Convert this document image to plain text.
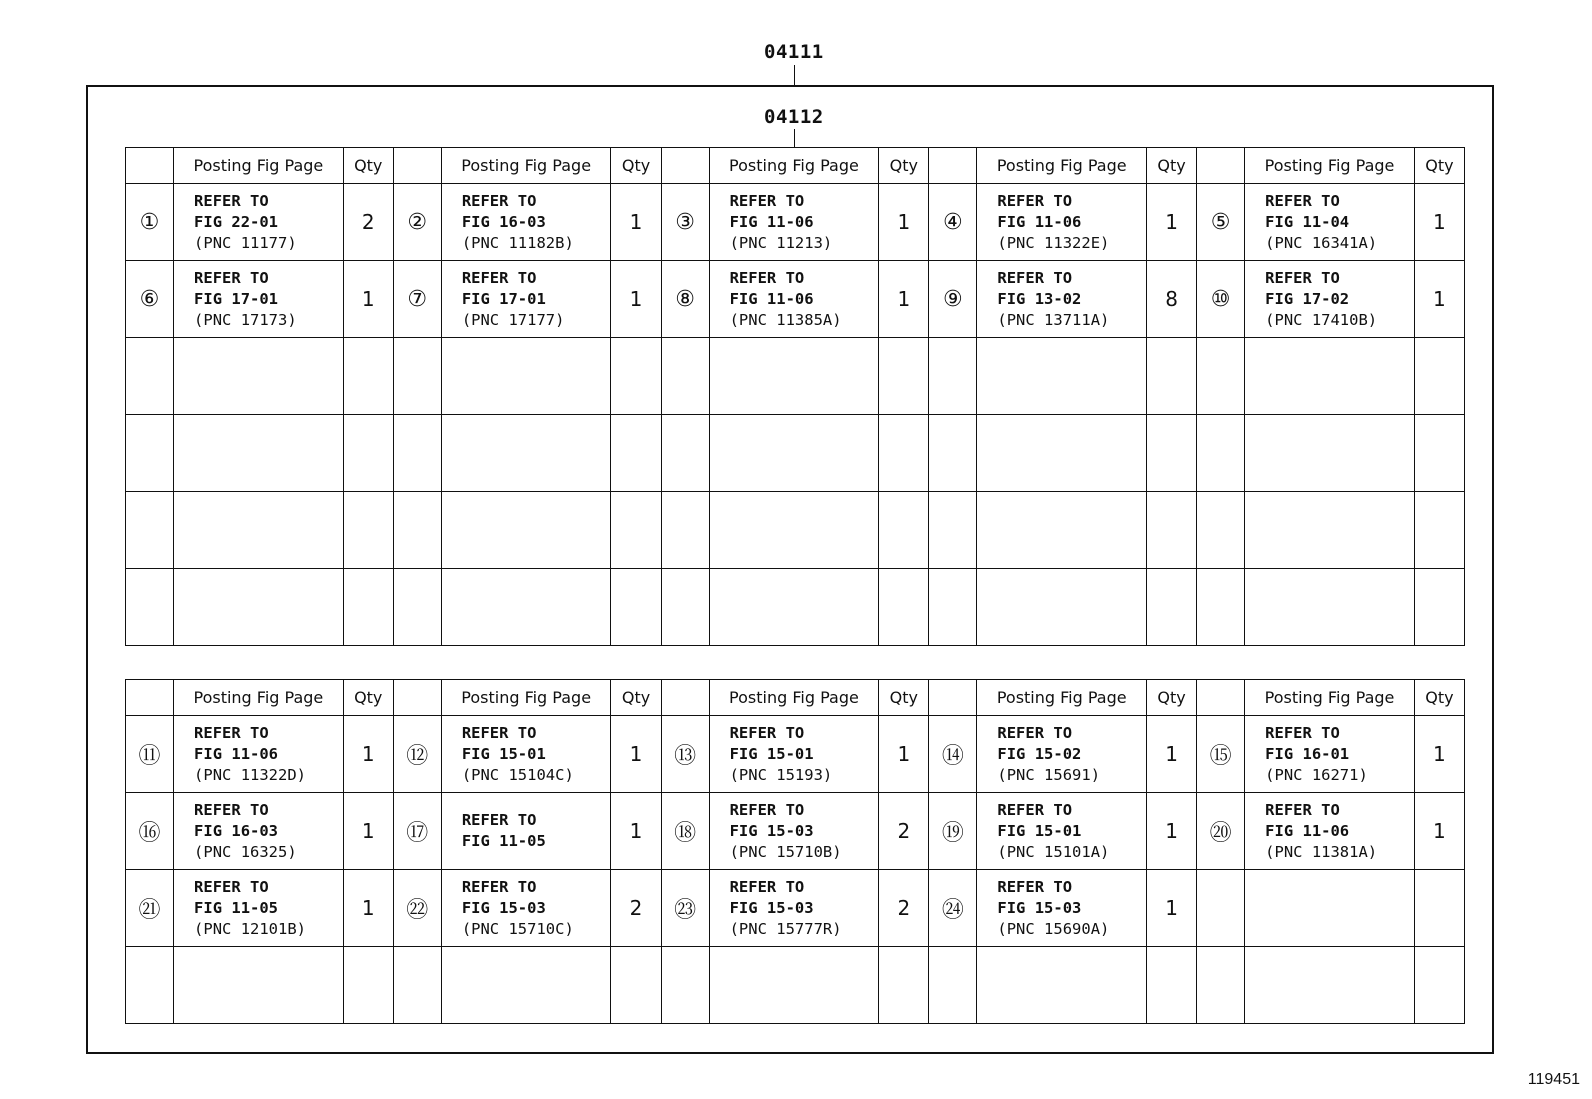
04111
04112
	Posting Fig Page	Qty		Posting Fig Page	Qty		Posting Fig Page	Qty		Posting Fig Page	Qty		Posting Fig Page	Qty
①	REFER TO
FIG 22-01
(PNC 11177)	2	②	REFER TO
FIG 16-03
(PNC 11182B)	1	③	REFER TO
FIG 11-06
(PNC 11213)	1	④	REFER TO
FIG 11-06
(PNC 11322E)	1	⑤	REFER TO
FIG 11-04
(PNC 16341A)	1
⑥	REFER TO
FIG 17-01
(PNC 17173)	1	⑦	REFER TO
FIG 17-01
(PNC 17177)	1	⑧	REFER TO
FIG 11-06
(PNC 11385A)	1	⑨	REFER TO
FIG 13-02
(PNC 13711A)	8	⑩	REFER TO
FIG 17-02
(PNC 17410B)	1

	Posting Fig Page	Qty		Posting Fig Page	Qty		Posting Fig Page	Qty		Posting Fig Page	Qty		Posting Fig Page	Qty
⑪	REFER TO
FIG 11-06
(PNC 11322D)	1	⑫	REFER TO
FIG 15-01
(PNC 15104C)	1	⑬	REFER TO
FIG 15-01
(PNC 15193)	1	⑭	REFER TO
FIG 15-02
(PNC 15691)	1	⑮	REFER TO
FIG 16-01
(PNC 16271)	1
⑯	REFER TO
FIG 16-03
(PNC 16325)	1	⑰	REFER TO
FIG 11-05	1	⑱	REFER TO
FIG 15-03
(PNC 15710B)	2	⑲	REFER TO
FIG 15-01
(PNC 15101A)	1	⑳	REFER TO
FIG 11-06
(PNC 11381A)	1
㉑	REFER TO
FIG 11-05
(PNC 12101B)	1	㉒	REFER TO
FIG 15-03
(PNC 15710C)	2	㉓	REFER TO
FIG 15-03
(PNC 15777R)	2	㉔	REFER TO
FIG 15-03
(PNC 15690A)	1		

119451
